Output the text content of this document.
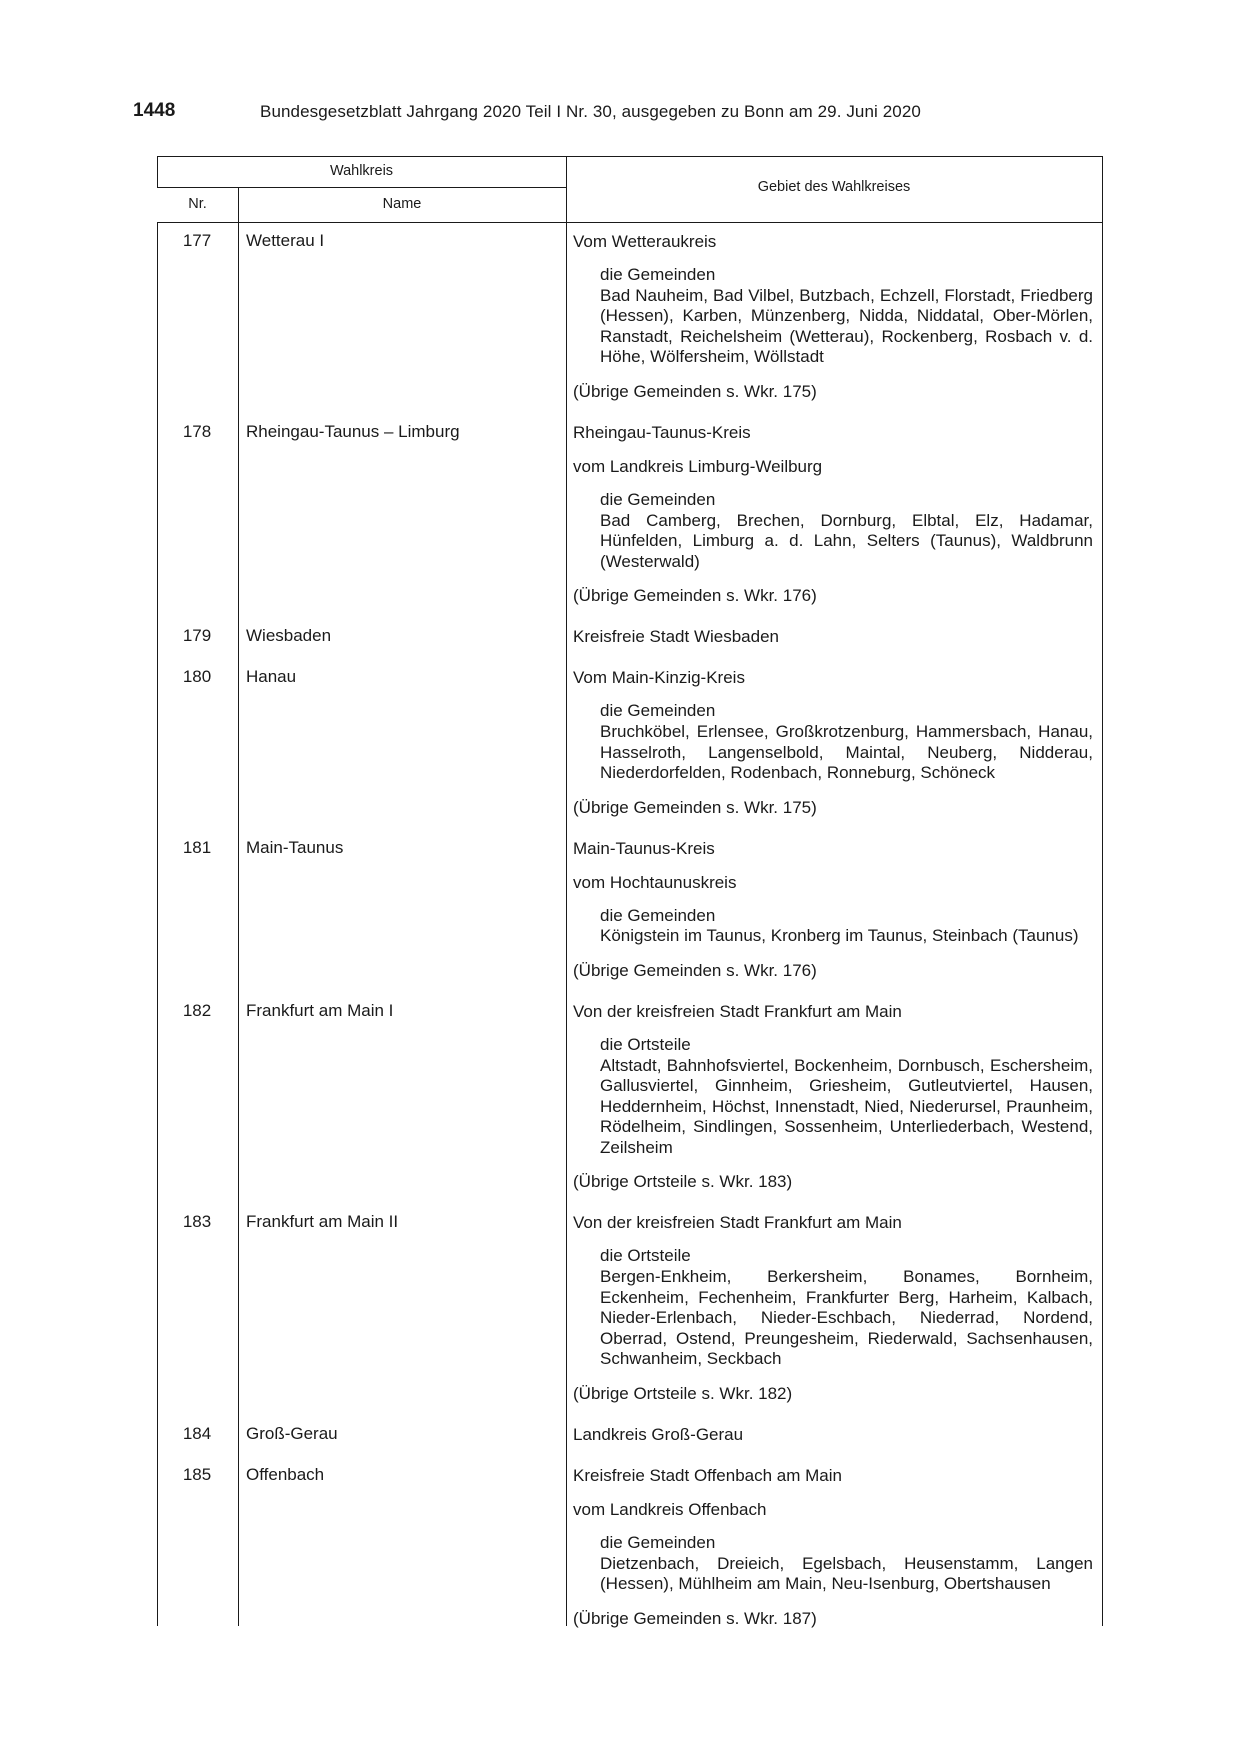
1448	Bundesgesetzblatt Jahrgang 2020 Teil I Nr. 30, ausgegeben zu Bonn am 29. Juni 2020
Wahlkreis
Nr.	Name
Gebiet des Wahlkreises
177	Wetterau I	Vom Wetteraukreis
die Gemeinden
Bad Nauheim, Bad Vilbel, Butzbach, Echzell, Florstadt, Friedberg (Hessen), Karben, Münzenberg, Nidda, Niddatal, Ober-Mörlen, Ranstadt, Reichelsheim (Wetterau), Rockenberg, Rosbach v. d. Höhe, Wölfersheim, Wöllstadt
(Übrige Gemeinden s. Wkr. 175)
178	Rheingau-Taunus – Limburg	Rheingau-Taunus-Kreis
vom Landkreis Limburg-Weilburg
die Gemeinden
Bad Camberg, Brechen, Dornburg, Elbtal, Elz, Hadamar, Hünfelden, Limburg a. d. Lahn, Selters (Taunus), Waldbrunn (Westerwald)
(Übrige Gemeinden s. Wkr. 176)
179	Wiesbaden	Kreisfreie Stadt Wiesbaden
180	Hanau	Vom Main-Kinzig-Kreis
die Gemeinden
Bruchköbel, Erlensee, Großkrotzenburg, Hammersbach, Hanau, Hasselroth, Langenselbold, Maintal, Neuberg, Nidderau, Niederdorfelden, Rodenbach, Ronneburg, Schöneck
(Übrige Gemeinden s. Wkr. 175)
181	Main-Taunus	Main-Taunus-Kreis
vom Hochtaunuskreis
die Gemeinden
Königstein im Taunus, Kronberg im Taunus, Steinbach (Taunus)
(Übrige Gemeinden s. Wkr. 176)
182	Frankfurt am Main I	Von der kreisfreien Stadt Frankfurt am Main
die Ortsteile
Altstadt, Bahnhofsviertel, Bockenheim, Dornbusch, Eschersheim, Gallusviertel, Ginnheim, Griesheim, Gutleutviertel, Hausen, Heddernheim, Höchst, Innenstadt, Nied, Niederursel, Praunheim, Rödelheim, Sindlingen, Sossenheim, Unterliederbach, Westend, Zeilsheim
(Übrige Ortsteile s. Wkr. 183)
183	Frankfurt am Main II	Von der kreisfreien Stadt Frankfurt am Main
die Ortsteile
Bergen-Enkheim, Berkersheim, Bonames, Bornheim, Eckenheim, Fechenheim, Frankfurter Berg, Harheim, Kalbach, Nieder-Erlenbach, Nieder-Eschbach, Niederrad, Nordend, Oberrad, Ostend, Preungesheim, Riederwald, Sachsenhausen, Schwanheim, Seckbach
(Übrige Ortsteile s. Wkr. 182)
184	Groß-Gerau	Landkreis Groß-Gerau
185	Offenbach	Kreisfreie Stadt Offenbach am Main
vom Landkreis Offenbach
die Gemeinden
Dietzenbach, Dreieich, Egelsbach, Heusenstamm, Langen (Hessen), Mühlheim am Main, Neu-Isenburg, Obertshausen
(Übrige Gemeinden s. Wkr. 187)
